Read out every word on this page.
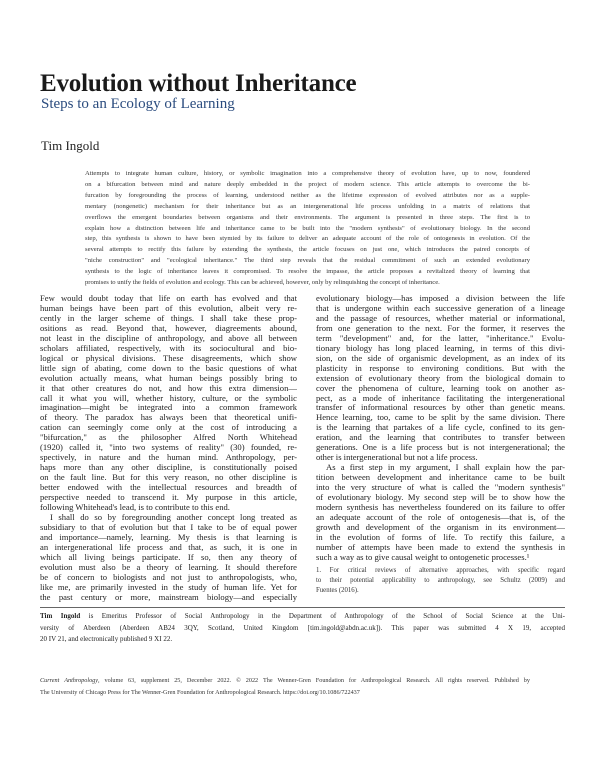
Evolution without Inheritance
Steps to an Ecology of Learning
Tim Ingold
Attempts to integrate human culture, history, or symbolic imagination into a comprehensive theory of evolution have, up to now, foundered
on a bifurcation between mind and nature deeply embedded in the project of modern science. This article attempts to overcome the bi-
furcation by foregrounding the process of learning, understood neither as the lifetime expression of evolved attributes nor as a supple-
mentary (nongenetic) mechanism for their inheritance but as an intergenerational life process unfolding in a matrix of relations that
overflows the emergent boundaries between organisms and their environments. The argument is presented in three steps. The first is to
explain how a distinction between life and inheritance came to be built into the "modern synthesis" of evolutionary biology. In the second
step, this synthesis is shown to have been stymied by its failure to deliver an adequate account of the role of ontogenesis in evolution. Of the
several attempts to rectify this failure by extending the synthesis, the article focuses on just one, which introduces the paired concepts of
"niche construction" and "ecological inheritance." The third step reveals that the residual commitment of such an extended evolutionary
synthesis to the logic of inheritance leaves it compromised. To resolve the impasse, the article proposes a revitalized theory of learning that
promises to unify the fields of evolution and ecology. This can be achieved, however, only by relinquishing the concept of inheritance.
Few would doubt today that life on earth has evolved and that
human beings have been part of this evolution, albeit very re-
cently in the larger scheme of things. I shall take these prop-
ositions as read. Beyond that, however, diagreements abound,
not least in the discipline of anthropology, and above all between
scholars affiliated, respectively, with its sociocultural and bio-
logical or physical divisions. These disagreements, which show
little sign of abating, come down to the basic questions of what
evolution actually means, what human beings possibly bring to
it that other creatures do not, and how this extra dimension—
call it what you will, whether history, culture, or the symbolic
imagination—might be integrated into a common framework
of theory. The paradox has always been that theoretical unifi-
cation can seemingly come only at the cost of introducing a
"bifurcation," as the philosopher Alfred North Whitehead
(1920) called it, "into two systems of reality" (30) founded, re-
spectively, in nature and the human mind. Anthropology, per-
haps more than any other discipline, is constitutionally poised
on the fault line. But for this very reason, no other discipline is
better endowed with the intellectual resources and breadth of
perspective needed to transcend it. My purpose in this article,
following Whitehead's lead, is to contribute to this end.
I shall do so by foregrounding another concept long treated as
subsidiary to that of evolution but that I take to be of equal power
and importance—namely, learning. My thesis is that learning is
an intergenerational life process and that, as such, it is one in
which all living beings participate. If so, then any theory of
evolution must also be a theory of learning. It should therefore
be of concern to biologists and not just to anthropologists, who,
like me, are primarily invested in the study of human life. Yet for
the past century or more, mainstream biology—and especially
evolutionary biology—has imposed a division between the life
that is undergone within each successive generation of a lineage
and the passage of resources, whether material or informational,
from one generation to the next. For the former, it reserves the
term "development" and, for the latter, "inheritance." Evolu-
tionary biology has long placed learning, in terms of this divi-
sion, on the side of organismic development, as an index of its
plasticity in response to environing conditions. But with the
extension of evolutionary theory from the biological domain to
cover the phenomena of culture, learning took on another as-
pect, as a mode of inheritance facilitating the intergenerational
transfer of informational resources by other than genetic means.
Hence learning, too, came to be split by the same division. There
is the learning that partakes of a life cycle, confined to its gen-
eration, and the learning that contributes to transfer between
generations. One is a life process but is not intergenerational; the
other is intergenerational but not a life process.
As a first step in my argument, I shall explain how the par-
tition between development and inheritance came to be built
into the very structure of what is called the "modern synthesis"
of evolutionary biology. My second step will be to show how the
modern synthesis has nevertheless foundered on its failure to offer
an adequate account of the role of ontogenesis—that is, of the
growth and development of the organism in its environment—
in the evolution of forms of life. To rectify this failure, a
number of attempts have been made to extend the synthesis in
such a way as to give causal weight to ontogenetic processes.¹
1. For critical reviews of alternative approaches, with specific regard
to their potential applicability to anthropology, see Schultz (2009) and
Fuentes (2016).
Tim Ingold is Emeritus Professor of Social Anthropology in the Department of Anthropology of the School of Social Science at the Uni-
versity of Aberdeen (Aberdeen AB24 3QY, Scotland, United Kingdom [tim.ingold@abdn.ac.uk]). This paper was submitted 4 X 19, accepted
20 IV 21, and electronically published 9 XI 22.
Current Anthropology, volume 63, supplement 25, December 2022. © 2022 The Wenner-Gren Foundation for Anthropological Research. All rights reserved. Published by
The University of Chicago Press for The Wenner-Gren Foundation for Anthropological Research. https://doi.org/10.1086/722437
